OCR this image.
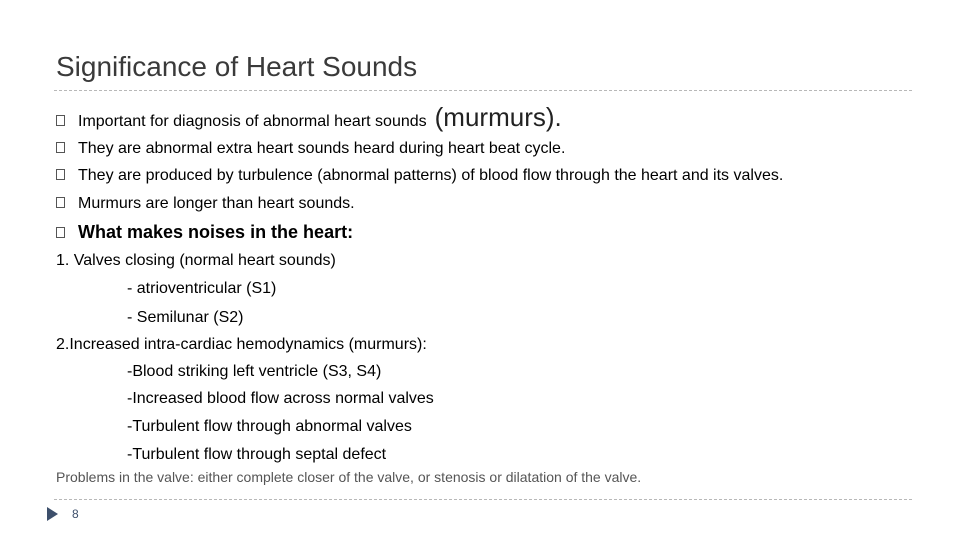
Significance of Heart Sounds
Important for diagnosis of abnormal heart sounds (murmurs).
They are abnormal extra heart sounds heard during heart beat cycle.
They are produced by turbulence (abnormal patterns) of blood flow through the heart and its valves.
Murmurs are longer than heart sounds.
What makes noises in the heart:
1. Valves closing (normal heart sounds)
- atrioventricular (S1)
- Semilunar (S2)
2.Increased intra-cardiac hemodynamics (murmurs):
-Blood striking left ventricle (S3, S4)
-Increased blood flow across normal valves
-Turbulent flow through abnormal valves
-Turbulent flow through septal defect
Problems in the valve: either complete closer of the valve, or stenosis or dilatation of the valve.
8
